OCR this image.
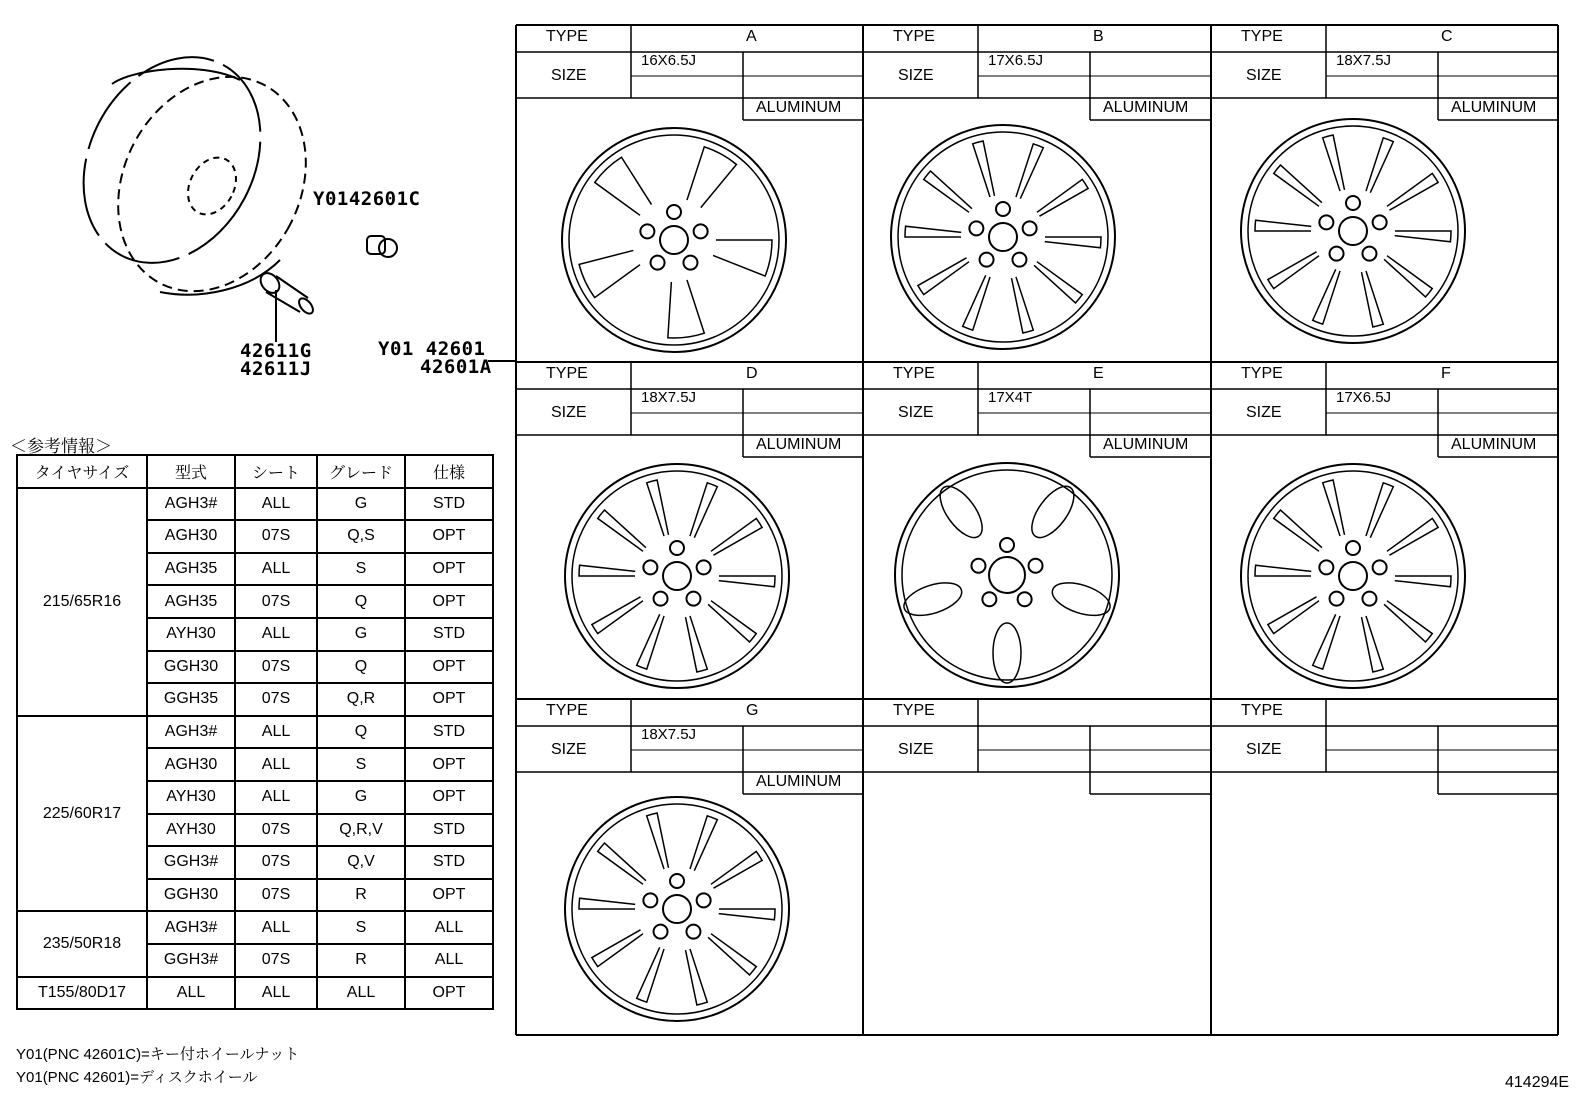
Y0142601C
42611G
42611J
Y01 42601
42601A
TYPE
SIZE
A
16X6.5J
ALUMINUM
TYPE
SIZE
B
17X6.5J
ALUMINUM
TYPE
SIZE
C
18X7.5J
ALUMINUM
TYPE
SIZE
D
18X7.5J
ALUMINUM
TYPE
SIZE
E
17X4T
ALUMINUM
TYPE
SIZE
F
17X6.5J
ALUMINUM
TYPE
SIZE
G
18X7.5J
ALUMINUM
TYPE
SIZE
TYPE
SIZE
＜参考情報＞
タイヤサイズ	型式	シート	グレード	仕様
215/65R16	AGH3#	ALL	G	STD
	AGH30	07S	Q,S	OPT
	AGH35	ALL	S	OPT
	AGH35	07S	Q	OPT
	AYH30	ALL	G	STD
	GGH30	07S	Q	OPT
	GGH35	07S	Q,R	OPT
225/60R17	AGH3#	ALL	Q	STD
	AGH30	ALL	S	OPT
	AYH30	ALL	G	OPT
	AYH30	07S	Q,R,V	STD
	GGH3#	07S	Q,V	STD
	GGH30	07S	R	OPT
235/50R18	AGH3#	ALL	S	ALL
	GGH3#	07S	R	ALL
T155/80D17	ALL	ALL	ALL	OPT
Y01(PNC 42601C)=キー付ホイールナット
Y01(PNC 42601)=ディスクホイール	414294E
